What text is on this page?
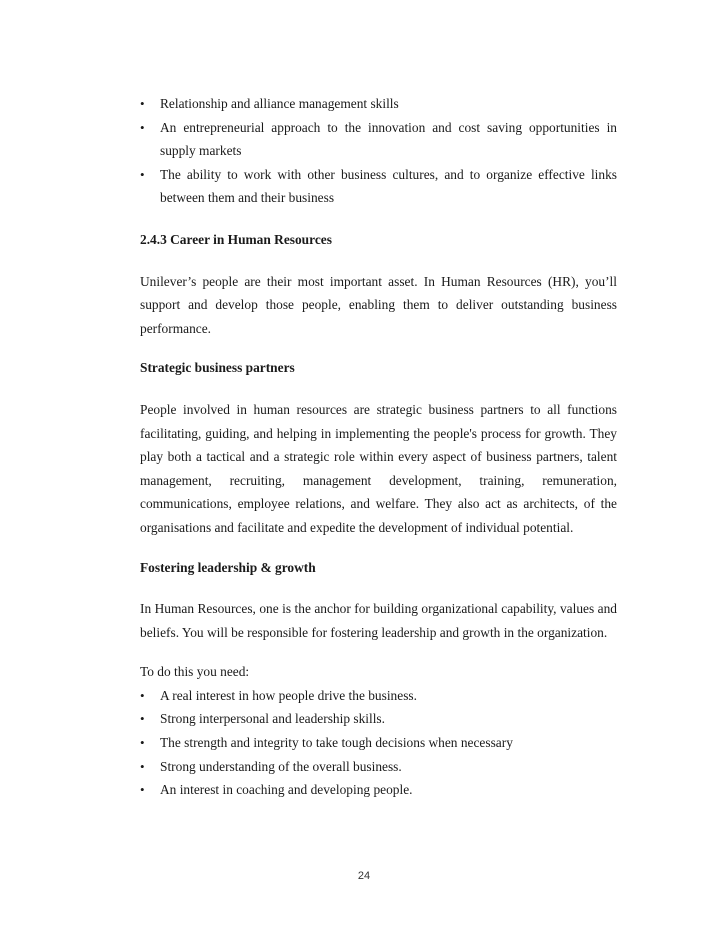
• Relationship and alliance management skills
• An entrepreneurial approach to the innovation and cost saving opportunities in supply markets
• The ability to work with other business cultures, and to organize effective links between them and their business

2.4.3 Career in Human Resources

Unilever’s people are their most important asset. In Human Resources (HR), you’ll support and develop those people, enabling them to deliver outstanding business performance.

Strategic business partners

People involved in human resources are strategic business partners to all functions facilitating, guiding, and helping in implementing the people's process for growth. They play both a tactical and a strategic role within every aspect of business partners, talent management, recruiting, management development, training, remuneration, communications, employee relations, and welfare. They also act as architects, of the organisations and facilitate and expedite the development of individual potential.

Fostering leadership & growth

In Human Resources, one is the anchor for building organizational capability, values and beliefs. You will be responsible for fostering leadership and growth in the organization.

To do this you need:

• A real interest in how people drive the business.
• Strong interpersonal and leadership skills.
• The strength and integrity to take tough decisions when necessary
• Strong understanding of the overall business.
• An interest in coaching and developing people.
24
